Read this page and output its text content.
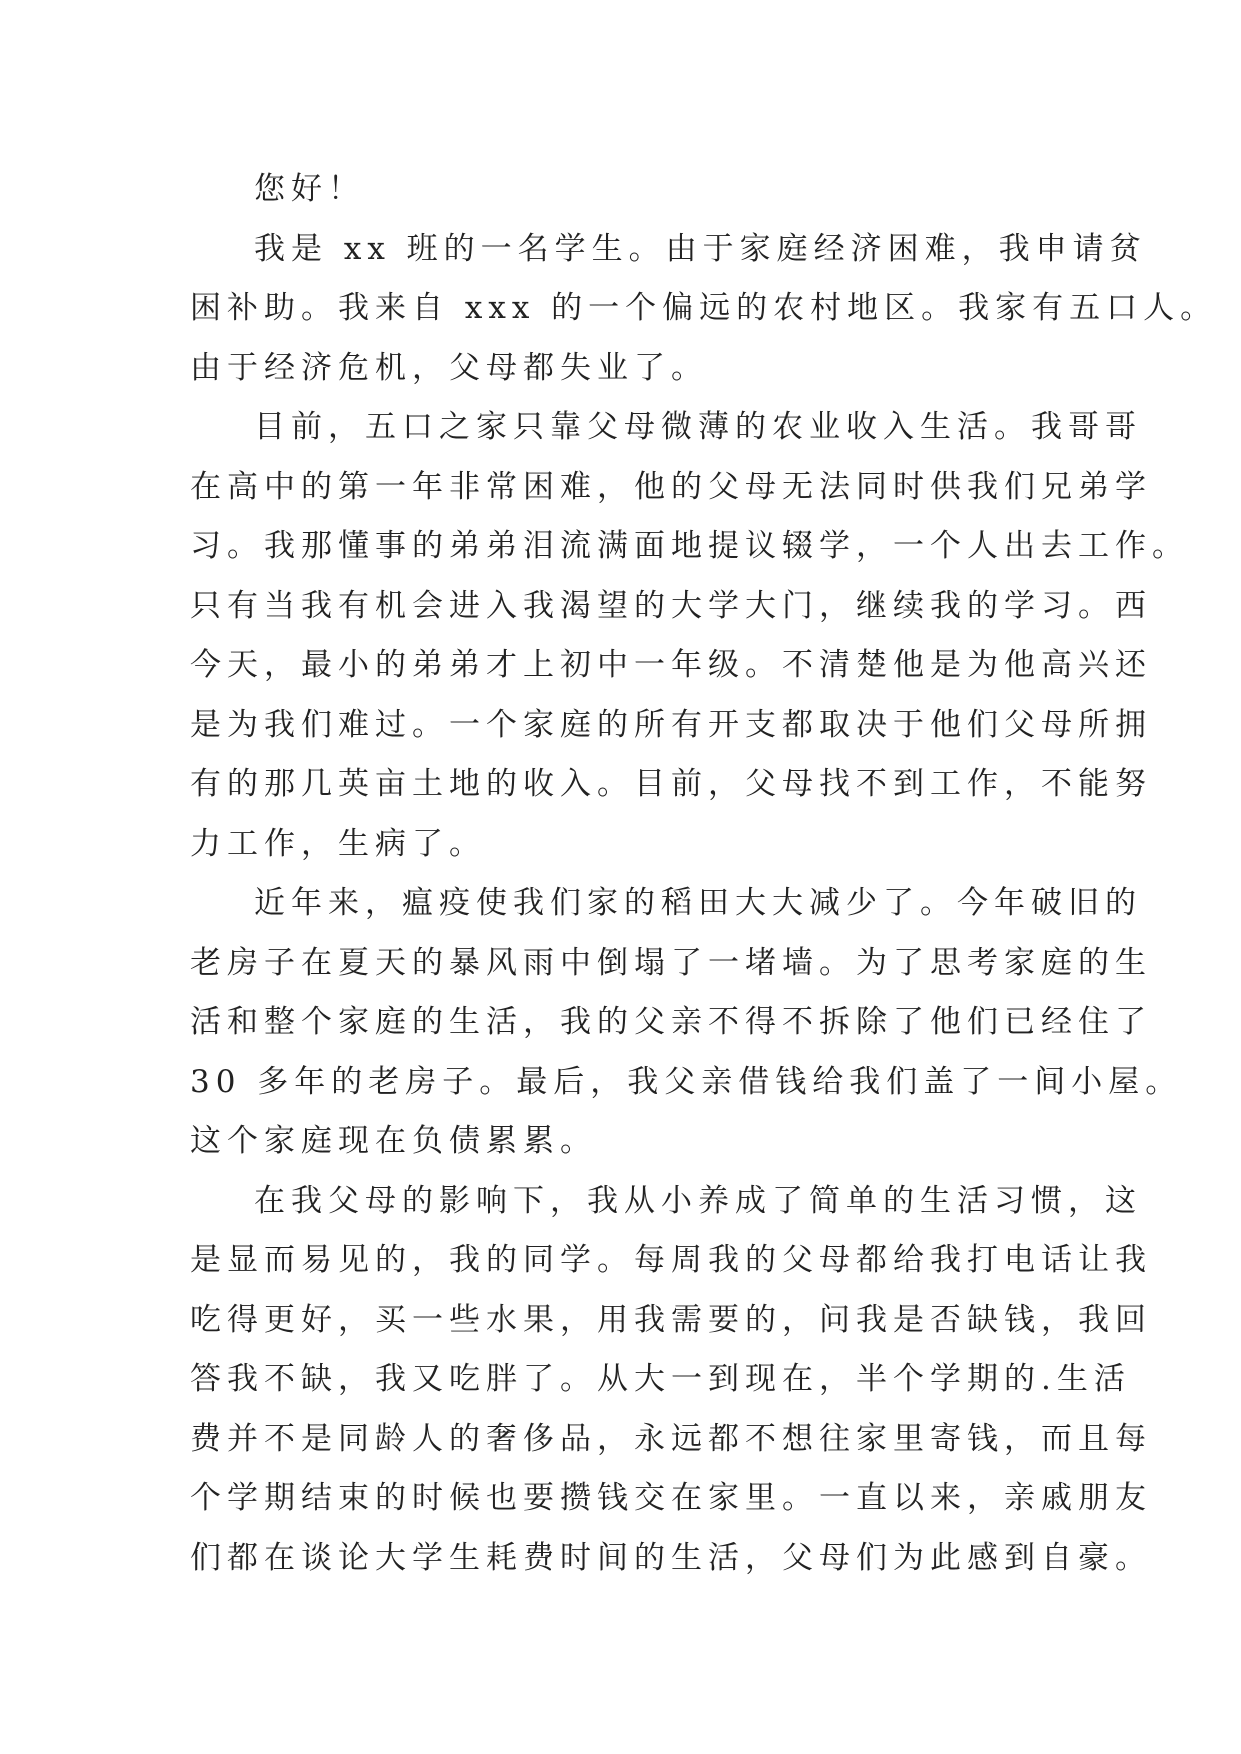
您好！
我是 xx 班的一名学生。由于家庭经济困难，我申请贫
困补助。我来自 xxx 的一个偏远的农村地区。我家有五口人。
由于经济危机，父母都失业了。
目前，五口之家只靠父母微薄的农业收入生活。我哥哥
在高中的第一年非常困难，他的父母无法同时供我们兄弟学
习。我那懂事的弟弟泪流满面地提议辍学，一个人出去工作。
只有当我有机会进入我渴望的大学大门，继续我的学习。西
今天，最小的弟弟才上初中一年级。不清楚他是为他高兴还
是为我们难过。一个家庭的所有开支都取决于他们父母所拥
有的那几英亩土地的收入。目前，父母找不到工作，不能努
力工作，生病了。
近年来，瘟疫使我们家的稻田大大减少了。今年破旧的
老房子在夏天的暴风雨中倒塌了一堵墙。为了思考家庭的生
活和整个家庭的生活，我的父亲不得不拆除了他们已经住了
30 多年的老房子。最后，我父亲借钱给我们盖了一间小屋。
这个家庭现在负债累累。
在我父母的影响下，我从小养成了简单的生活习惯，这
是显而易见的，我的同学。每周我的父母都给我打电话让我
吃得更好，买一些水果，用我需要的，问我是否缺钱，我回
答我不缺，我又吃胖了。从大一到现在，半个学期的.生活
费并不是同龄人的奢侈品，永远都不想往家里寄钱，而且每
个学期结束的时候也要攒钱交在家里。一直以来，亲戚朋友
们都在谈论大学生耗费时间的生活，父母们为此感到自豪。
